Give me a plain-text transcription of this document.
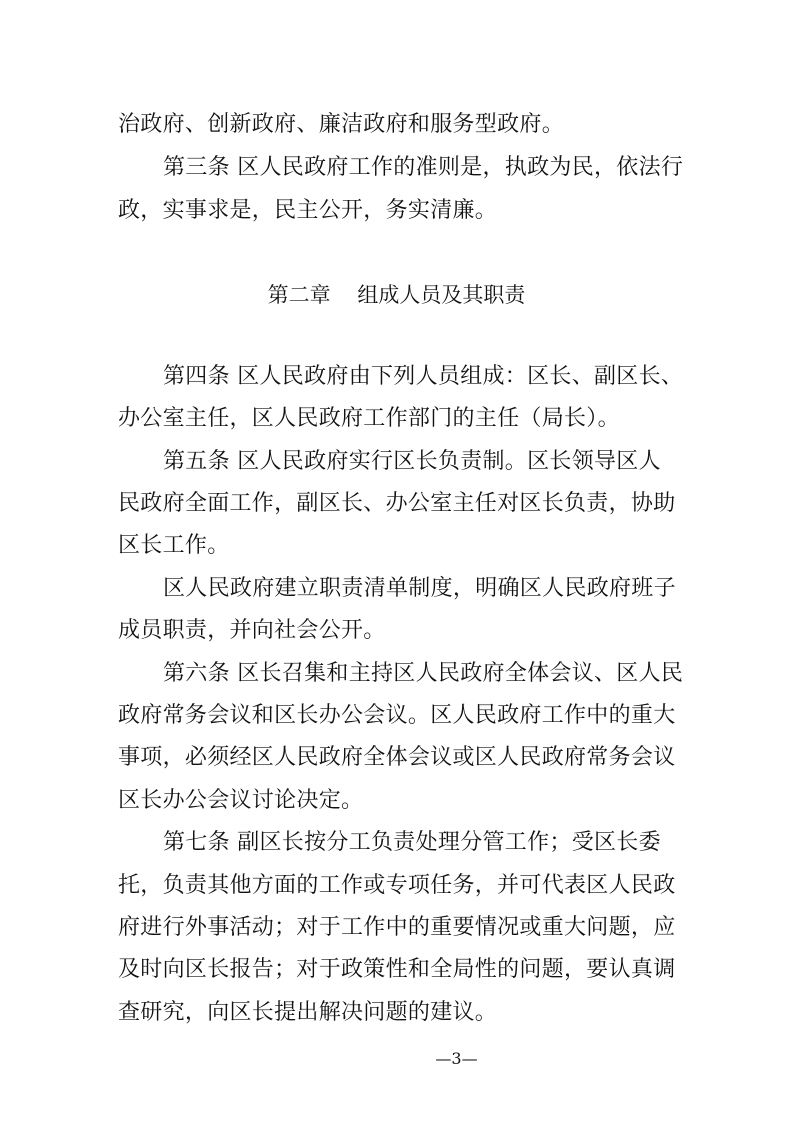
治政府、创新政府、廉洁政府和服务型政府。
第三条 区人民政府工作的准则是，执政为民，依法行
政，实事求是，民主公开，务实清廉。
第二章    组成人员及其职责
第四条 区人民政府由下列人员组成：区长、副区长、
办公室主任，区人民政府工作部门的主任（局长）。
第五条 区人民政府实行区长负责制。区长领导区人
民政府全面工作，副区长、办公室主任对区长负责，协助
区长工作。
区人民政府建立职责清单制度，明确区人民政府班子
成员职责，并向社会公开。
第六条 区长召集和主持区人民政府全体会议、区人民
政府常务会议和区长办公会议。区人民政府工作中的重大
事项，必须经区人民政府全体会议或区人民政府常务会议
区长办公会议讨论决定。
第七条 副区长按分工负责处理分管工作；受区长委
托，负责其他方面的工作或专项任务，并可代表区人民政
府进行外事活动；对于工作中的重要情况或重大问题，应
及时向区长报告；对于政策性和全局性的问题，要认真调
查研究，向区长提出解决问题的建议。
—3—
